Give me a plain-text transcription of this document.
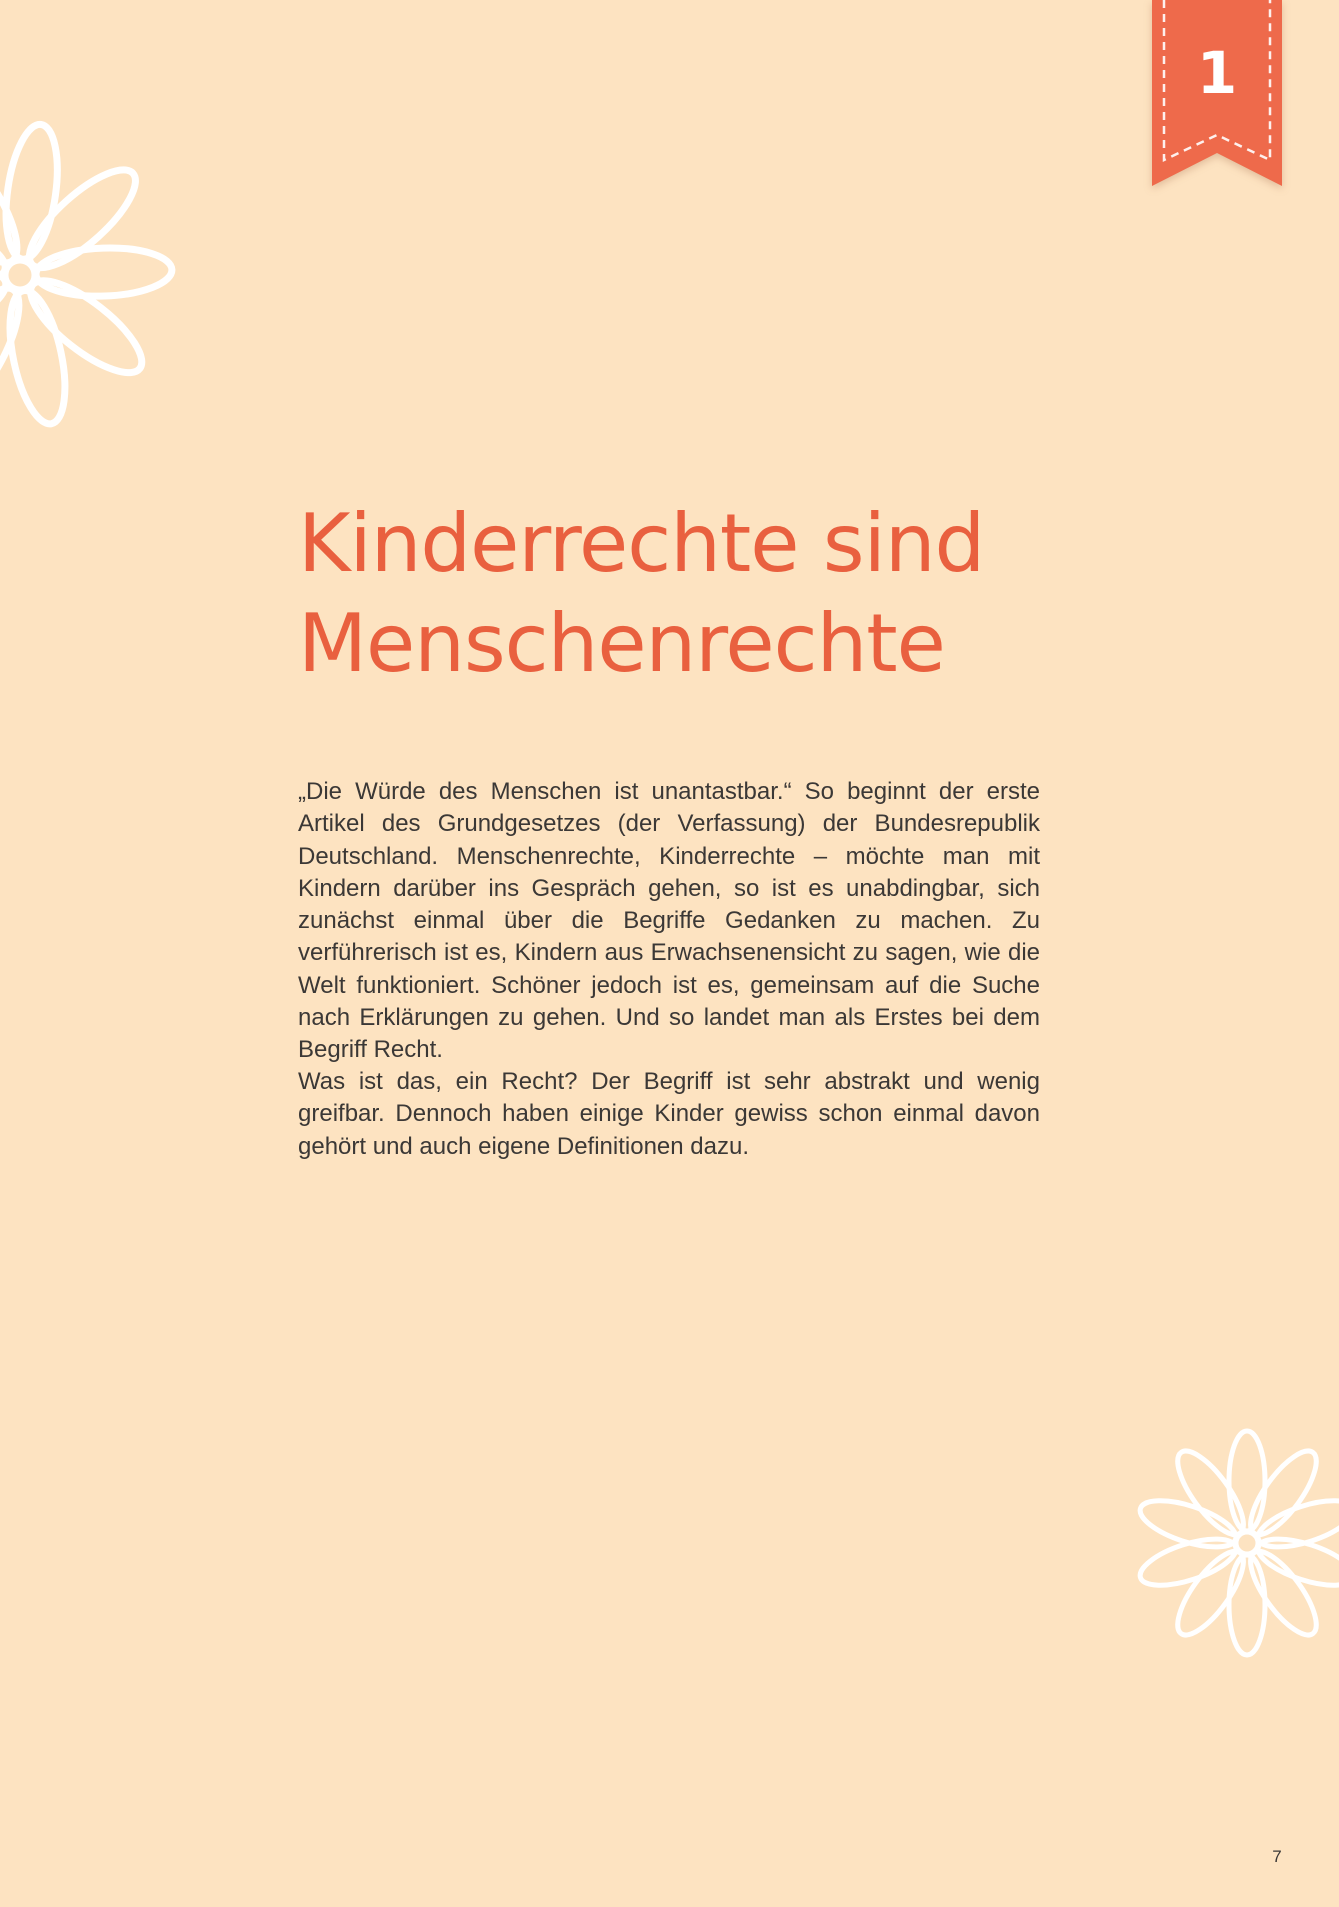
1
Kinderrechte sind
Menschenrechte

„Die Würde des Menschen ist unantastbar.“ So beginnt der erste Artikel des Grundgesetzes (der Verfassung) der Bundesrepublik Deutschland. Menschenrechte, Kinderrechte – möchte man mit Kindern darüber ins Gespräch gehen, so ist es unabdingbar, sich zunächst einmal über die Begriffe Gedanken zu machen. Zu verführerisch ist es, Kindern aus Erwachsenensicht zu sagen, wie die Welt funktioniert. Schöner jedoch ist es, gemeinsam auf die Suche nach Erklärungen zu gehen. Und so landet man als Erstes bei dem Begriff Recht.

Was ist das, ein Recht? Der Begriff ist sehr abstrakt und wenig greifbar. Dennoch haben einige Kinder gewiss schon einmal davon gehört und auch eigene Definitionen dazu.

7
